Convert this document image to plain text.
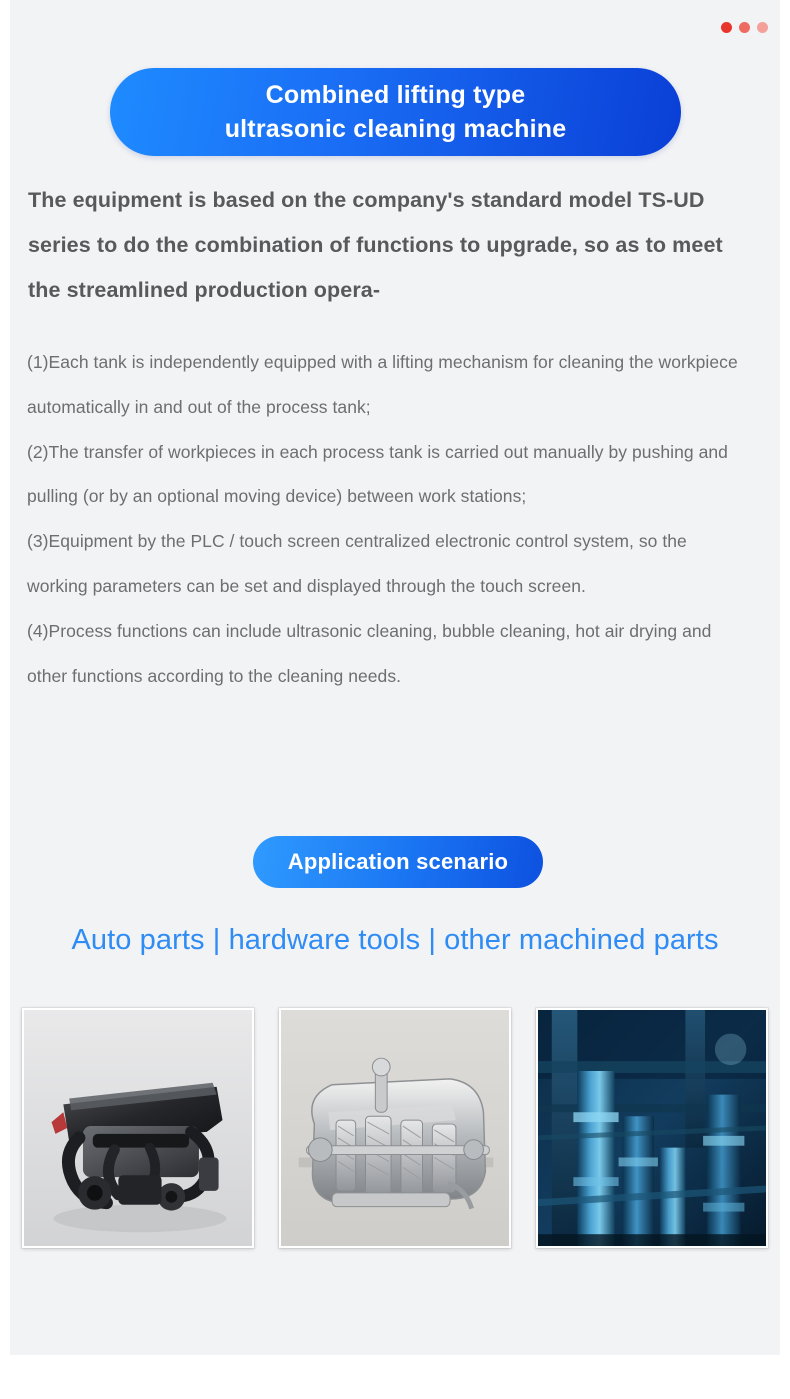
Combined lifting type
ultrasonic cleaning machine
The equipment is based on the company's standard model TS-UD series to do the combination of functions to upgrade, so as to meet the streamlined production opera-

(1)Each tank is independently equipped with a lifting mechanism for cleaning the workpiece automatically in and out of the process tank;

(2)The transfer of workpieces in each process tank is carried out manually by pushing and pulling (or by an optional moving device) between work stations;

(3)Equipment by the PLC / touch screen centralized electronic control system, so the working parameters can be set and displayed through the touch screen.

(4)Process functions can include ultrasonic cleaning, bubble cleaning, hot air drying and other functions according to the cleaning needs.

Application scenario
Auto parts | hardware tools | other machined parts
